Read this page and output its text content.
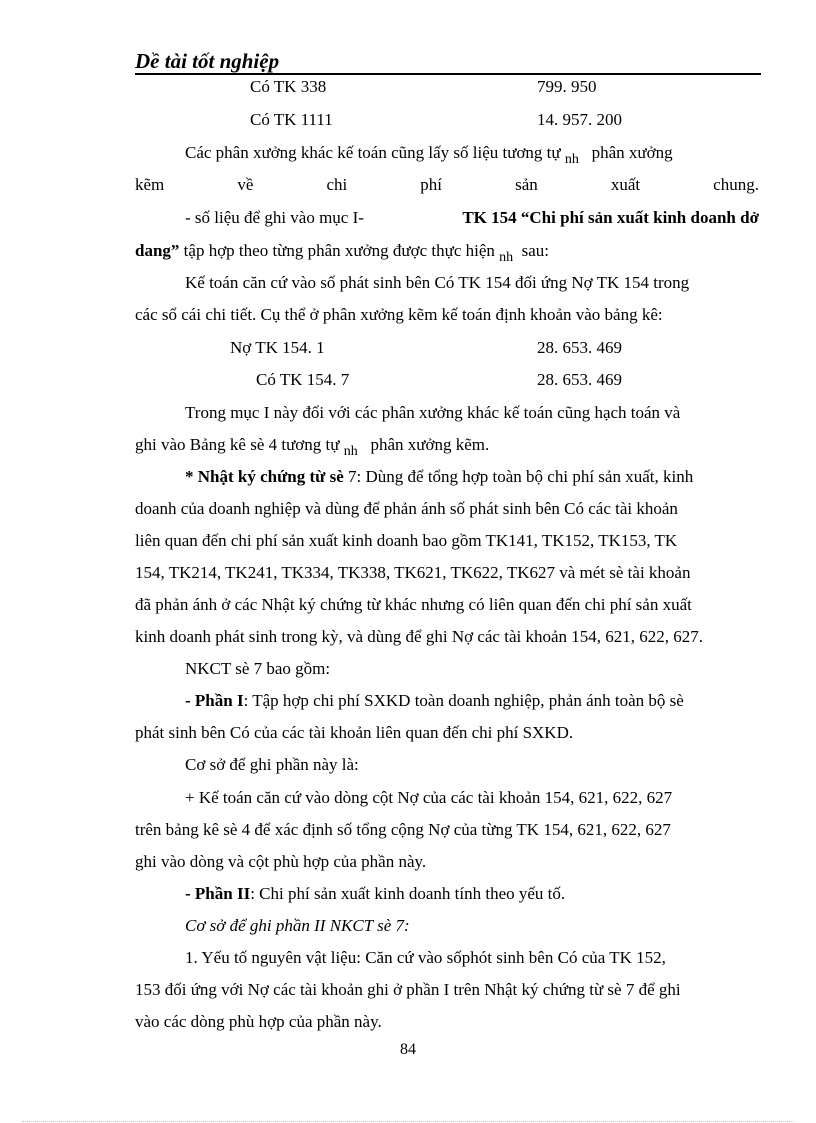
Dề tài tốt nghiệp
Có TK 338	799. 950
Có TK 1111	14. 957. 200
Các phân xưởng khác kế toán cũng lấy số liệu tương tự $_{nh}$ phân xưởng
kẽm	về	chi	phí	sản	xuất	chung.
- số liệu để ghi vào mục I-	TK 154 “Chi phí sản xuất kinh doanh dở
dang” tập hợp theo từng phân xưởng được thực hiện $_{nh}$ sau:
Kế toán căn cứ vào số phát sinh bên Có TK 154 đối ứng Nợ TK 154 trong
các sổ cái chi tiết. Cụ thể ở phân xưởng kẽm kế toán định khoản vào bảng kê:
Nợ TK 154. 1	28. 653. 469
Có TK 154. 7	28. 653. 469
Trong mục I này đối với các phân xưởng khác kế toán cũng hạch toán và
ghi vào Bảng kê sè 4 tương tự $_{nh}$ phân xưởng kẽm.
* Nhật ký chứng từ sè 7: Dùng để tổng hợp toàn bộ chi phí sản xuất, kinh
doanh của doanh nghiệp và dùng để phản ánh số phát sinh bên Có các tài khoản
liên quan đến chi phí sản xuất kinh doanh bao gồm TK141, TK152, TK153, TK
154, TK214, TK241, TK334, TK338, TK621, TK622, TK627 và mét sè tài khoản
đã phản ánh ở các Nhật ký chứng từ khác nhưng có liên quan đến chi phí sản xuất
kinh doanh phát sinh trong kỳ, và dùng để ghi Nợ các tài khoản 154, 621, 622, 627.
NKCT sè 7 bao gồm:
- Phần I: Tập hợp chi phí SXKD toàn doanh nghiệp, phản ánh toàn bộ sè
phát sinh bên Có của các tài khoản liên quan đến chi phí SXKD.
Cơ sở để ghi phần này là:
+ Kế toán căn cứ vào dòng cột Nợ của các tài khoản 154, 621, 622, 627
trên bảng kê sè 4 để xác định số tổng cộng Nợ của từng TK 154, 621, 622, 627
ghi vào dòng và cột phù hợp của phần này.
- Phần II: Chi phí sản xuất kinh doanh tính theo yếu tố.
Cơ sở để ghi phần II NKCT sè 7:
1. Yếu tố nguyên vật liệu: Căn cứ vào sốphót sinh bên Có của TK 152,
153 đối ứng với Nợ các tài khoản ghi ở phần I trên Nhật ký chứng từ sè 7 để ghi
vào các dòng phù hợp của phần này.
84
